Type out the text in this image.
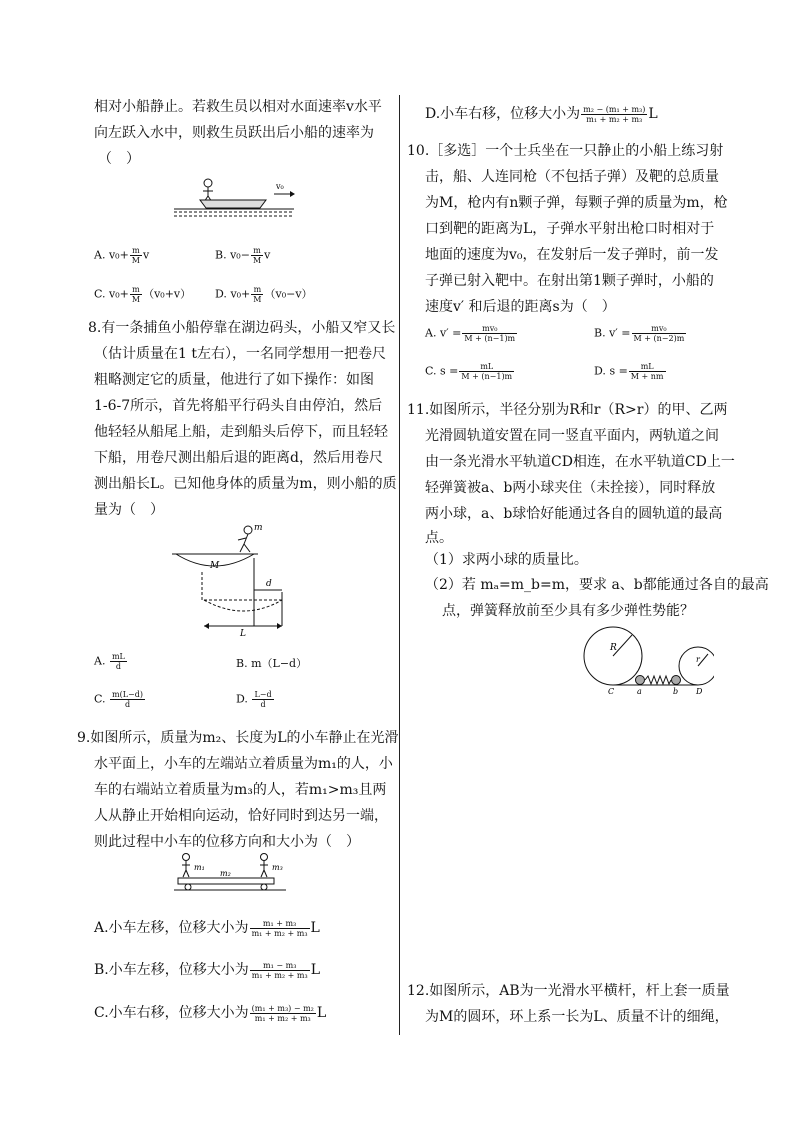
相对小船静止。若救生员以相对水面速率v水平
向左跃入水中，则救生员跃出后小船的速率为
（　）
v₀
A. $v_0+ \frac{m}{M}$ v	B. $v_0- \frac{m}{M}$ v
C. $v_0+ \frac{m}{M} (v_0+v)$ D. $v_0+ \frac{m}{M} (v_0-v)$
8.有一条捕鱼小船停靠在湖边码头，小船又窄又长
（估计质量在1 t左右），一名同学想用一把卷尺
粗略测定它的质量，他进行了如下操作：如图
1-6-7所示，首先将船平行码头自由停泊，然后
他轻轻从船尾上船，走到船头后停下，而且轻轻
下船，用卷尺测出船后退的距离d，然后用卷尺
测出船长L。已知他身体的质量为m，则小船的质
量为（　）
m
M
d
L
A. $\frac{mL}{d}$	B. m（L−d）
C. $\frac{m(L-d)}{d}$	D. $\frac{L-d}{d}$
9.如图所示，质量为m₂、长度为L的小车静止在光滑
水平面上，小车的左端站立着质量为m₁的人，小
车的右端站立着质量为m₃的人，若m₁>m₃且两
人从静止开始相向运动，恰好同时到达另一端，
则此过程中小车的位移方向和大小为（　）
m₁	m₃
m₂
A.小车左移，位移大小为 $\frac{\text{m₁ + m₃}}{\text{m₁ + m₂ + m₃}}$ L
B.小车左移，位移大小为 $\frac{\text{m₁ − m₃}}{\text{m₁ + m₂ + m₃}}$ L
C.小车右移，位移大小为 $\frac{\text{(m₁ + m₃) − m₂}}{\text{m₁ + m₂ + m₃}}$ L
D.小车右移，位移大小为 $\frac{\text{m₂ − (m₁ + m₃)}}{\text{m₁ + m₂ + m₃}}$ L
10.［多选］一个士兵坐在一只静止的小船上练习射
击，船、人连同枪（不包括子弹）及靶的总质量
为M，枪内有n颗子弹，每颗子弹的质量为m，枪
口到靶的距离为L，子弹水平射出枪口时相对于
地面的速度为v₀，在发射后一发子弹时，前一发
子弹已射入靶中。在射出第1颗子弹时，小船的
速度v′ 和后退的距离s为（　）
A. $v' = \frac{\text{mv₀}}{M + (n-1)m}$	B. $v' = \frac{\text{mv₀}}{M + (n-2)m}$
C. $s = \frac{mL}{M + (n-1)m}$	D. $s = \frac{mL}{M + nm}$
11.如图所示，半径分别为R和r（R>r）的甲、乙两
光滑圆轨道安置在同一竖直平面内，两轨道之间
由一条光滑水平轨道CD相连，在水平轨道CD上一
轻弹簧被a、b两小球夹住（未拴接），同时释放
两小球，a、b球恰好能通过各自的圆轨道的最高
点。
（1）求两小球的质量比。
（2）若 mₐ=m_b=m，要求 a、b都能通过各自的最高
点，弹簧释放前至少具有多少弹性势能？
R
r
C	a	b D
12.如图所示，AB为一光滑水平横杆，杆上套一质量
为M的圆环，环上系一长为L、质量不计的细绳，
